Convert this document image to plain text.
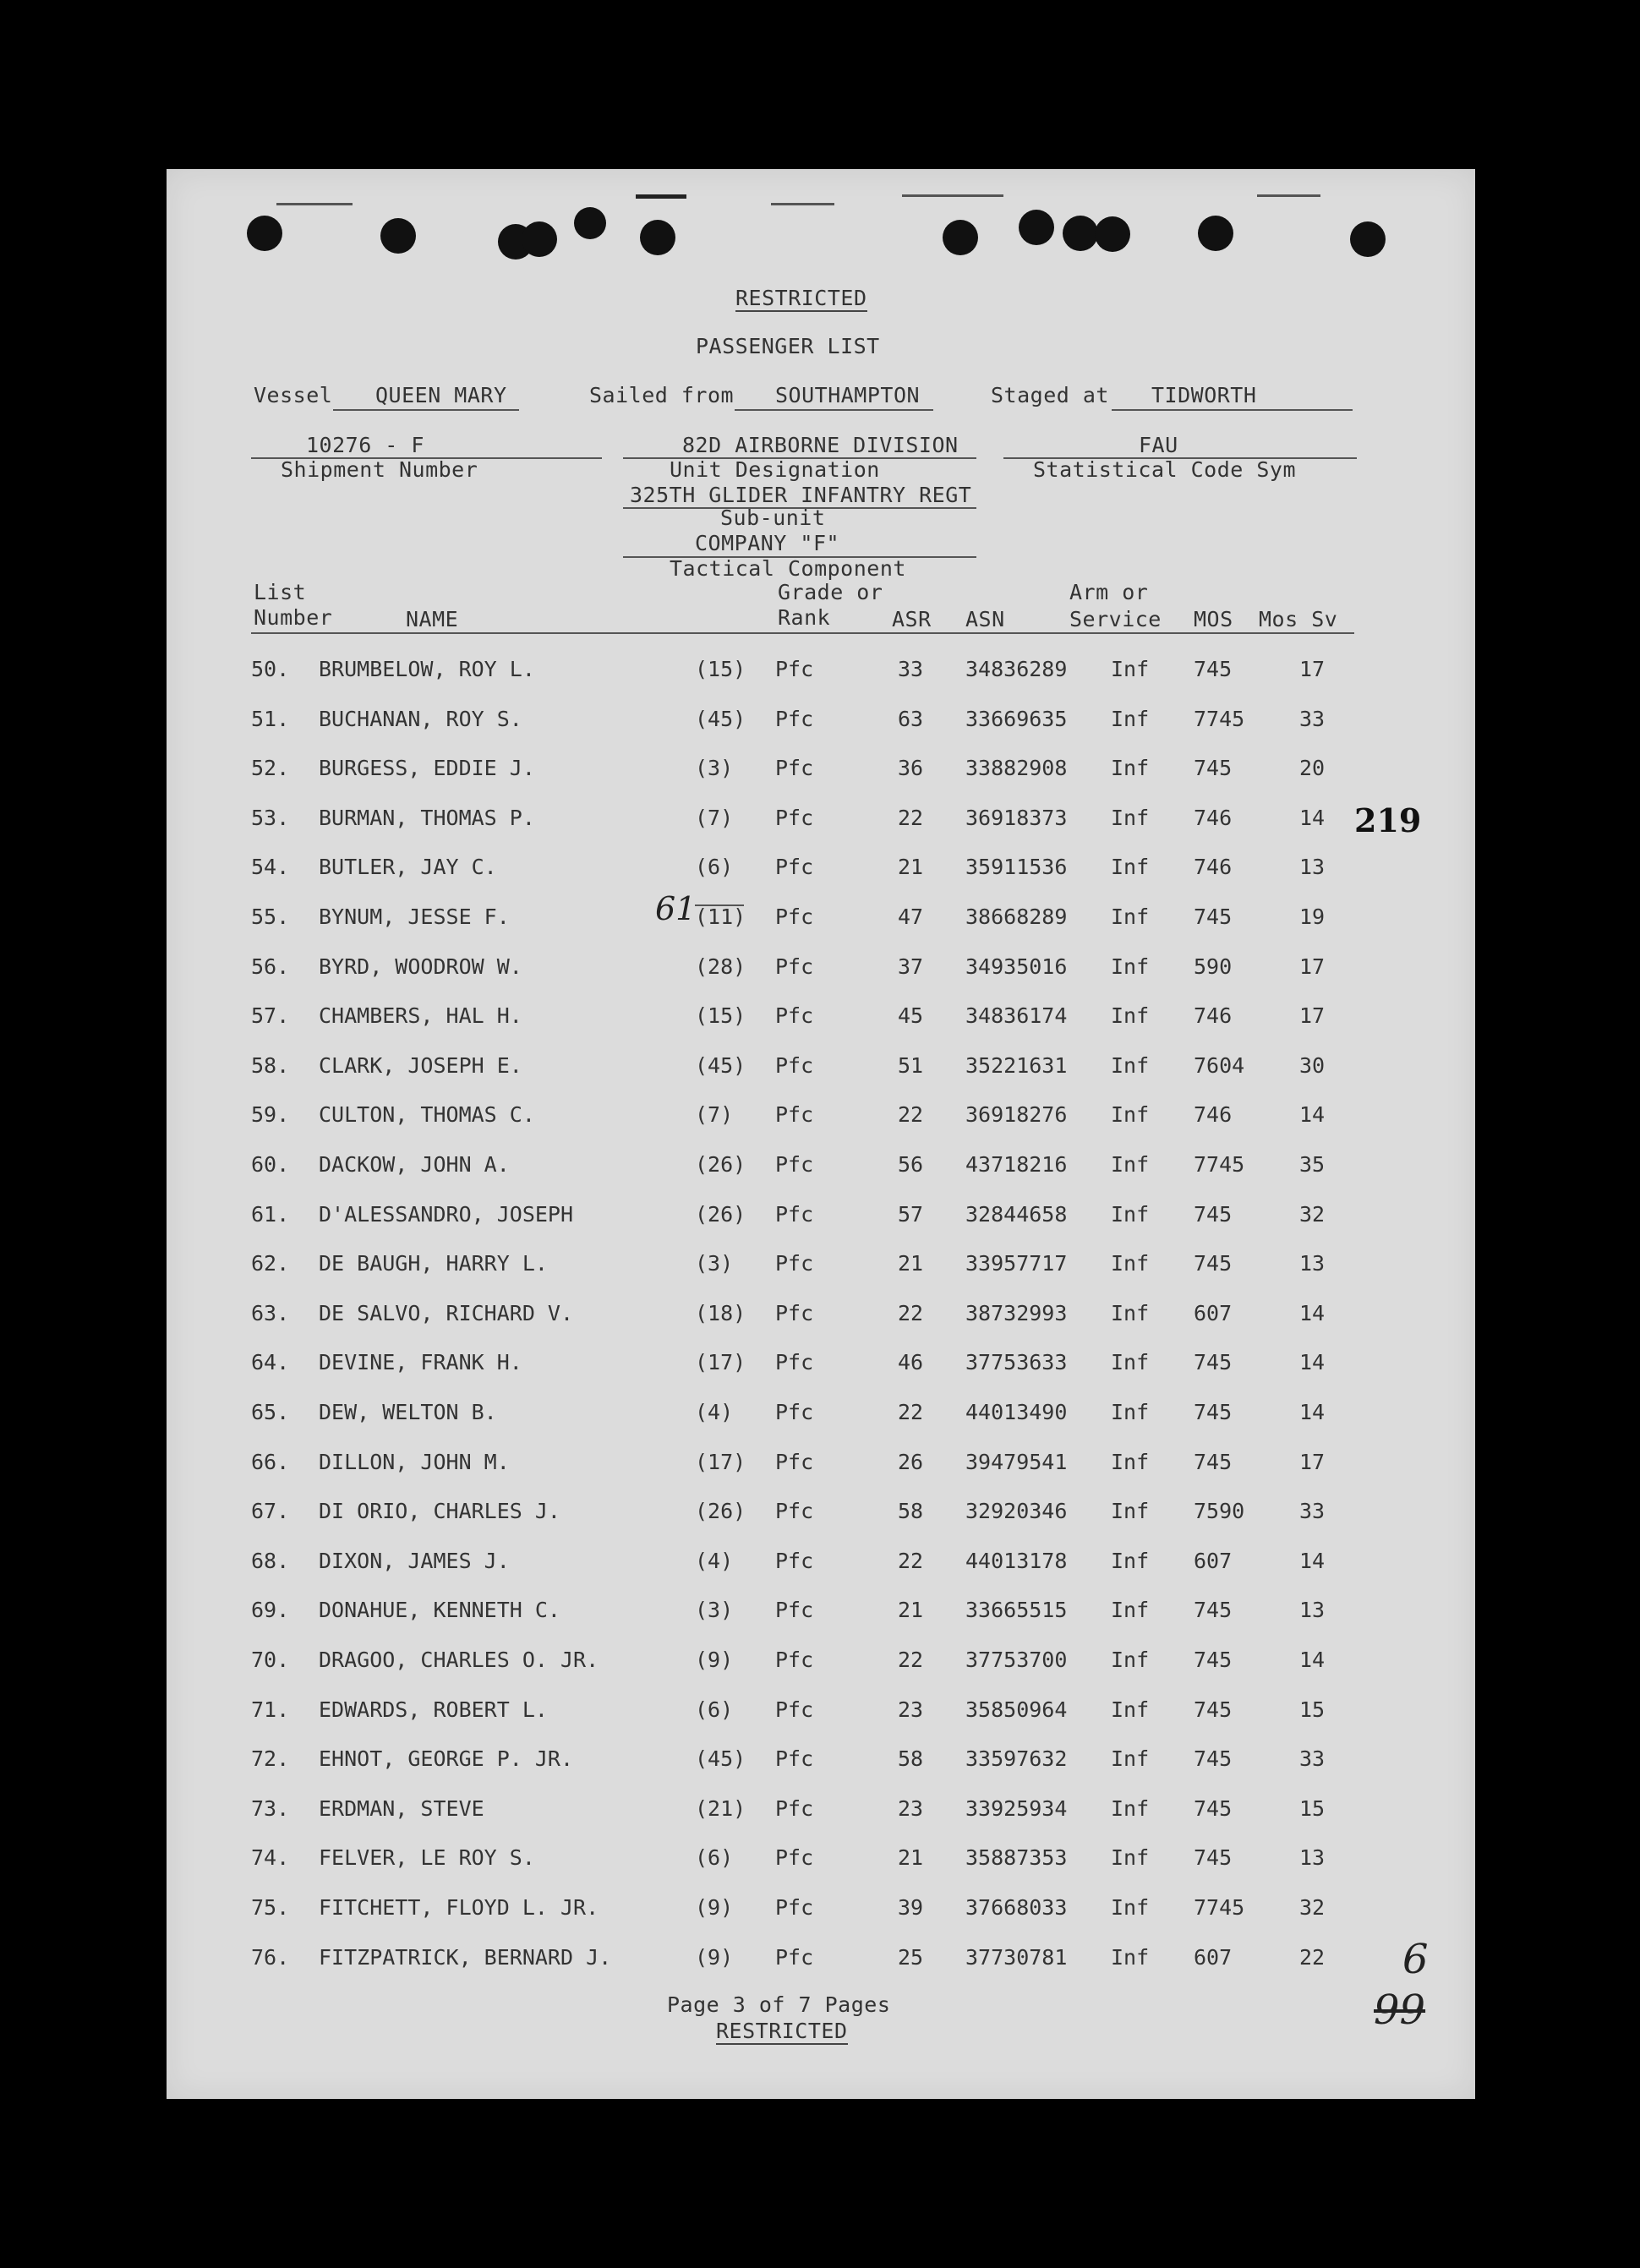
RESTRICTED
PASSENGER LIST
Vessel QUEEN MARY	Sailed from SOUTHAMPTON	Staged at TIDWORTH
10276 - F
Shipment Number
82D AIRBORNE DIVISION
Unit Designation
325TH GLIDER INFANTRY REGT
Sub-unit
COMPANY "F"
Tactical Component
FAU
Statistical Code Sym
List
Number	NAME
Grade or
Rank	ASR ASN
Arm or
Service MOS Mos Sv
50. BRUMBELOW, ROY L.	(15) Pfc	33 34836289 Inf 745	17
51. BUCHANAN, ROY S.	(45) Pfc	63 33669635 Inf 7745	33
52. BURGESS, EDDIE J.	(3) Pfc	36 33882908 Inf 745	20
53. BURMAN, THOMAS P.	(7) Pfc	22 36918373 Inf 746	14
54. BUTLER, JAY C.	(6) Pfc	21 35911536 Inf 746	13
55. BYNUM, JESSE F.	(11) Pfc	47 38668289 Inf 745	19
56. BYRD, WOODROW W.	(28) Pfc	37 34935016 Inf 590	17
57. CHAMBERS, HAL H.	(15) Pfc	45 34836174 Inf 746	17
58. CLARK, JOSEPH E.	(45) Pfc	51 35221631 Inf 7604	30
59. CULTON, THOMAS C.	(7) Pfc	22 36918276 Inf 746	14
60. DACKOW, JOHN A.	(26) Pfc	56 43718216 Inf 7745	35
61. D'ALESSANDRO, JOSEPH	(26) Pfc	57 32844658 Inf 745	32
62. DE BAUGH, HARRY L.	(3) Pfc	21 33957717 Inf 745	13
63. DE SALVO, RICHARD V.	(18) Pfc	22 38732993 Inf 607	14
64. DEVINE, FRANK H.	(17) Pfc	46 37753633 Inf 745	14
65. DEW, WELTON B.	(4) Pfc	22 44013490 Inf 745	14
66. DILLON, JOHN M.	(17) Pfc	26 39479541 Inf 745	17
67. DI ORIO, CHARLES J.	(26) Pfc	58 32920346 Inf 7590	33
68. DIXON, JAMES J.	(4) Pfc	22 44013178 Inf 607	14
69. DONAHUE, KENNETH C.	(3) Pfc	21 33665515 Inf 745	13
70. DRAGOO, CHARLES O. JR.	(9) Pfc	22 37753700 Inf 745	14
71. EDWARDS, ROBERT L.	(6) Pfc	23 35850964 Inf 745	15
72. EHNOT, GEORGE P. JR.	(45) Pfc	58 33597632 Inf 745	33
73. ERDMAN, STEVE	(21) Pfc	23 33925934 Inf 745	15
74. FELVER, LE ROY S.	(6) Pfc	21 35887353 Inf 745	13
75. FITCHETT, FLOYD L. JR.	(9) Pfc	39 37668033 Inf 7745	32
76. FITZPATRICK, BERNARD J.	(9) Pfc	25 37730781 Inf 607	22
219
61
6
99
Page 3 of 7 Pages
RESTRICTED
